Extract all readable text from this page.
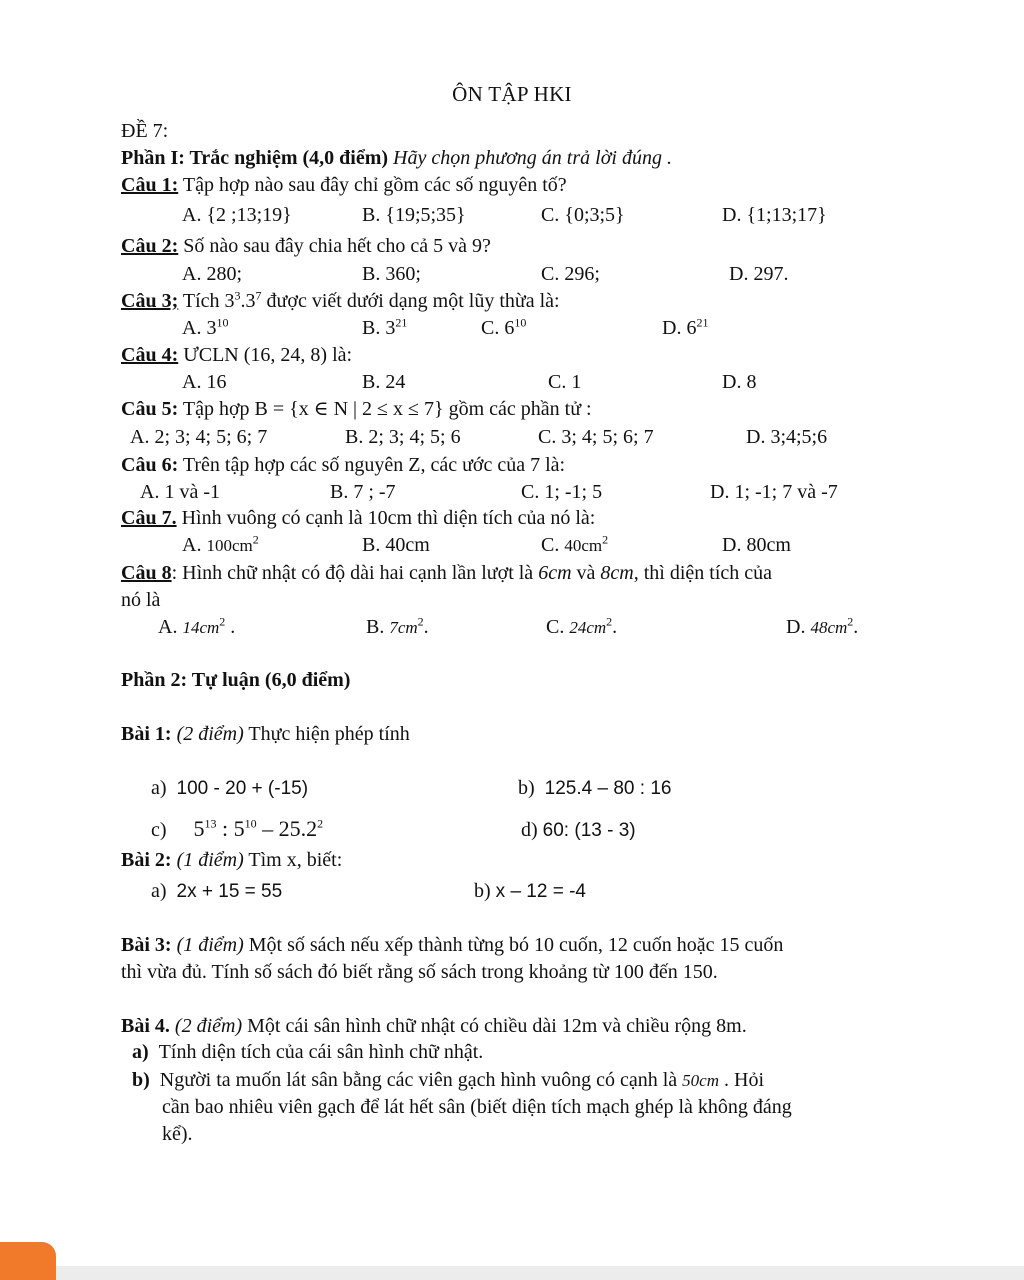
ÔN TẬP HKI
ĐỀ 7:
Phần I: Trắc nghiệm (4,0 điểm) Hãy chọn phương án trả lời đúng .
Câu 1: Tập hợp nào sau đây chỉ gồm các số nguyên tố?
A. {2 ;13;19}	B. {19;5;35}	C. {0;3;5}	D. {1;13;17}
Câu 2: Số nào sau đây chia hết cho cả 5 và 9?
A. 280;	B. 360;	C. 296;	D. 297.
Câu 3; Tích $3^3.3^7$ được viết dưới dạng một lũy thừa là:
A. $3^{10}$	B. $3^{21}$	C. $6^{10}$	D. $6^{21}$
Câu 4: ƯCLN (16, 24, 8) là:
A. 16	B. 24	C. 1	D. 8
Câu 5: Tập hợp B = {x ∈ N | 2 ≤ x ≤ 7} gồm các phần tử :
A. 2; 3; 4; 5; 6; 7	B. 2; 3; 4; 5; 6	C. 3; 4; 5; 6; 7	D. 3;4;5;6
Câu 6: Trên tập hợp các số nguyên Z, các ước của 7 là:
A. 1 và -1	B. 7 ; -7	C. 1; -1; 5	D. 1; -1; 7 và -7
Câu 7. Hình vuông có cạnh là 10cm thì diện tích của nó là:
A. $100cm^2$	B. 40cm	C. $40cm^2$	D. 80cm
Câu 8: Hình chữ nhật có độ dài hai cạnh lần lượt là 6cm và 8cm, thì diện tích của
nó là
A. $14cm^2$ .	B. $7cm^2$.	C. $24cm^2$.	D. $48cm^2$.
Phần 2: Tự luận (6,0 điểm)
Bài 1: (2 điểm) Thực hiện phép tính
a) 100 - 20 + (-15)	b) 125.4 – 80 : 16
c) $5^{13}$ : $5^{10} - 25.2^2$	d) 60: (13 - 3)
Bài 2: (1 điểm) Tìm x, biết:
a) 2x + 15 = 55	b) x – 12 = -4
Bài 3: (1 điểm) Một số sách nếu xếp thành từng bó 10 cuốn, 12 cuốn hoặc 15 cuốn
thì vừa đủ. Tính số sách đó biết rằng số sách trong khoảng từ 100 đến 150.
Bài 4. (2 điểm) Một cái sân hình chữ nhật có chiều dài 12m và chiều rộng 8m.
a) Tính diện tích của cái sân hình chữ nhật.
b) Người ta muốn lát sân bằng các viên gạch hình vuông có cạnh là 50cm . Hỏi
cần bao nhiêu viên gạch để lát hết sân (biết diện tích mạch ghép là không đáng
kể).
